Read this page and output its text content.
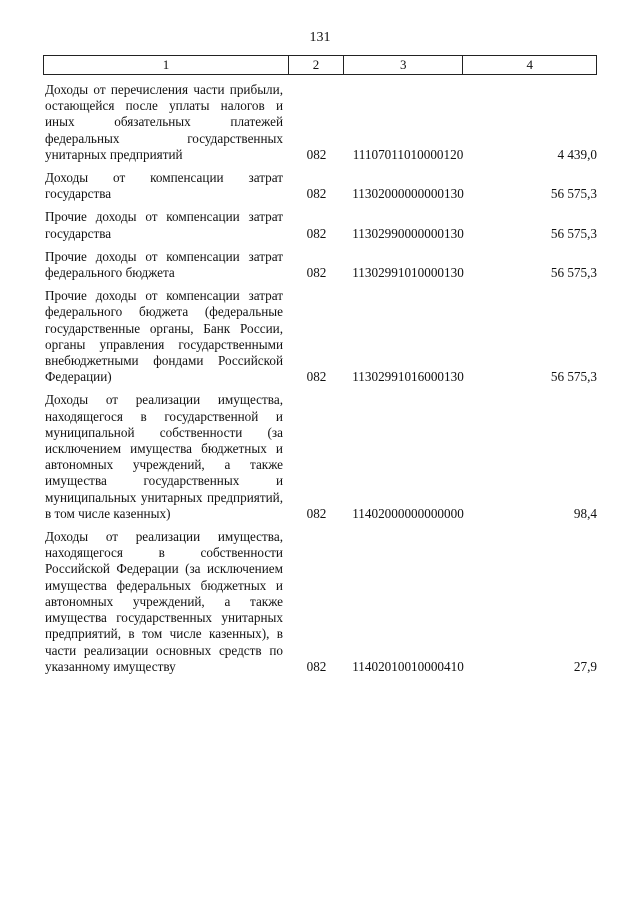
131
1	2	3	4
Доходы от перечисления части прибыли, остающейся после уплаты налогов и иных обязательных платежей федеральных государственных унитарных предприятий	082	11107011010000120	4 439,0
Доходы от компенсации затрат государства	082	11302000000000130	56 575,3
Прочие доходы от компенсации затрат государства	082	11302990000000130	56 575,3
Прочие доходы от компенсации затрат федерального бюджета	082	11302991010000130	56 575,3
Прочие доходы от компенсации затрат федерального бюджета (федеральные государственные органы, Банк России, органы управления государственными внебюджетными фондами Российской Федерации)	082	11302991016000130	56 575,3
Доходы от реализации имущества, находящегося в государственной и муниципальной собственности (за исключением имущества бюджетных и автономных учреждений, а также имущества государственных и муниципальных унитарных предприятий, в том числе казенных)	082	11402000000000000	98,4
Доходы от реализации имущества, находящегося в собственности Российской Федерации (за исключением имущества федеральных бюджетных и автономных учреждений, а также имущества государственных унитарных предприятий, в том числе казенных), в части реализации основных средств по указанному имуществу	082	11402010010000410	27,9
